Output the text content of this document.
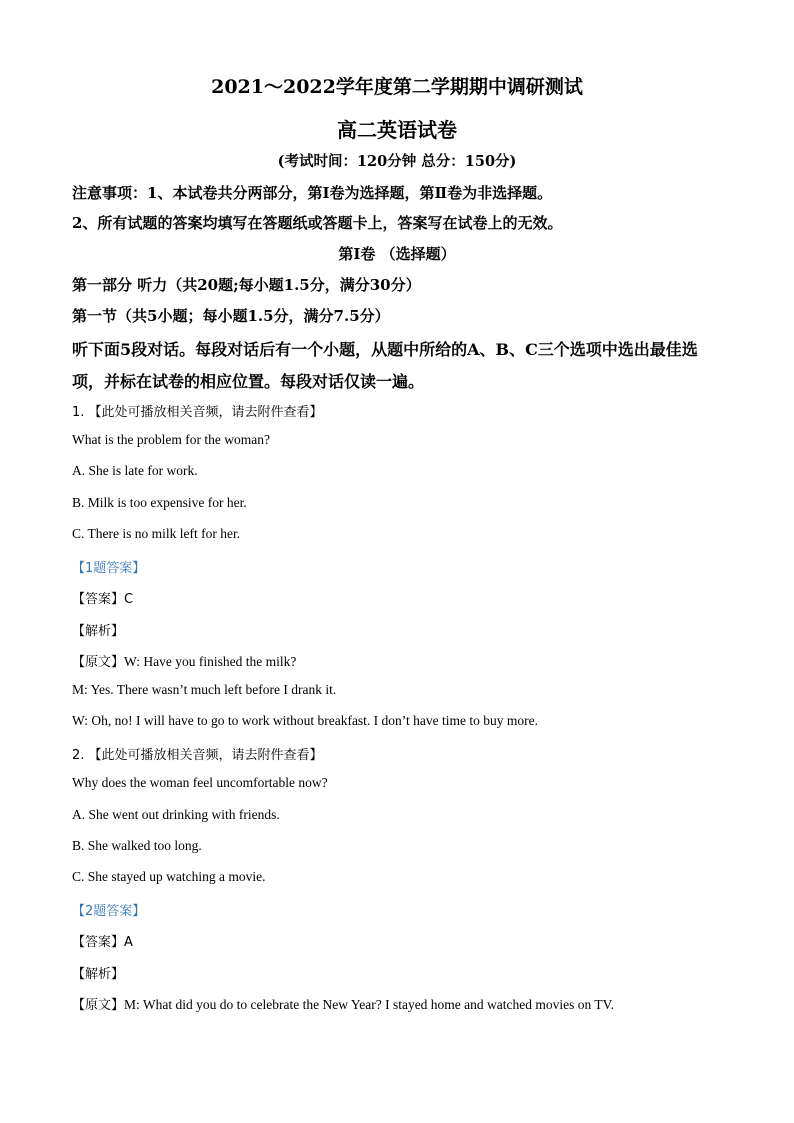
2021～2022学年度第二学期期中调研测试
高二英语试卷
(考试时间：120分钟 总分：150分)
注意事项：1、本试卷共分两部分，第Ⅰ卷为选择题，第Ⅱ卷为非选择题。
2、所有试题的答案均填写在答题纸或答题卡上，答案写在试卷上的无效。
第Ⅰ卷 （选择题）
第一部分 听力（共20题;每小题1.5分，满分30分）
第一节（共5小题；每小题1.5分，满分7.5分）
听下面5段对话。每段对话后有一个小题，从题中所给的A、B、C三个选项中选出最佳选
项，并标在试卷的相应位置。每段对话仅读一遍。
1. 【此处可播放相关音频，请去附件查看】
What is the problem for the woman?
A. She is late for work.
B. Milk is too expensive for her.
C. There is no milk left for her.
【1题答案】
【答案】C
【解析】
【原文】W: Have you finished the milk?
M: Yes. There wasn’t much left before I drank it.
W: Oh, no! I will have to go to work without breakfast. I don’t have time to buy more.
2. 【此处可播放相关音频，请去附件查看】
Why does the woman feel uncomfortable now?
A. She went out drinking with friends.
B. She walked too long.
C. She stayed up watching a movie.
【2题答案】
【答案】A
【解析】
【原文】M: What did you do to celebrate the New Year? I stayed home and watched movies on TV.
